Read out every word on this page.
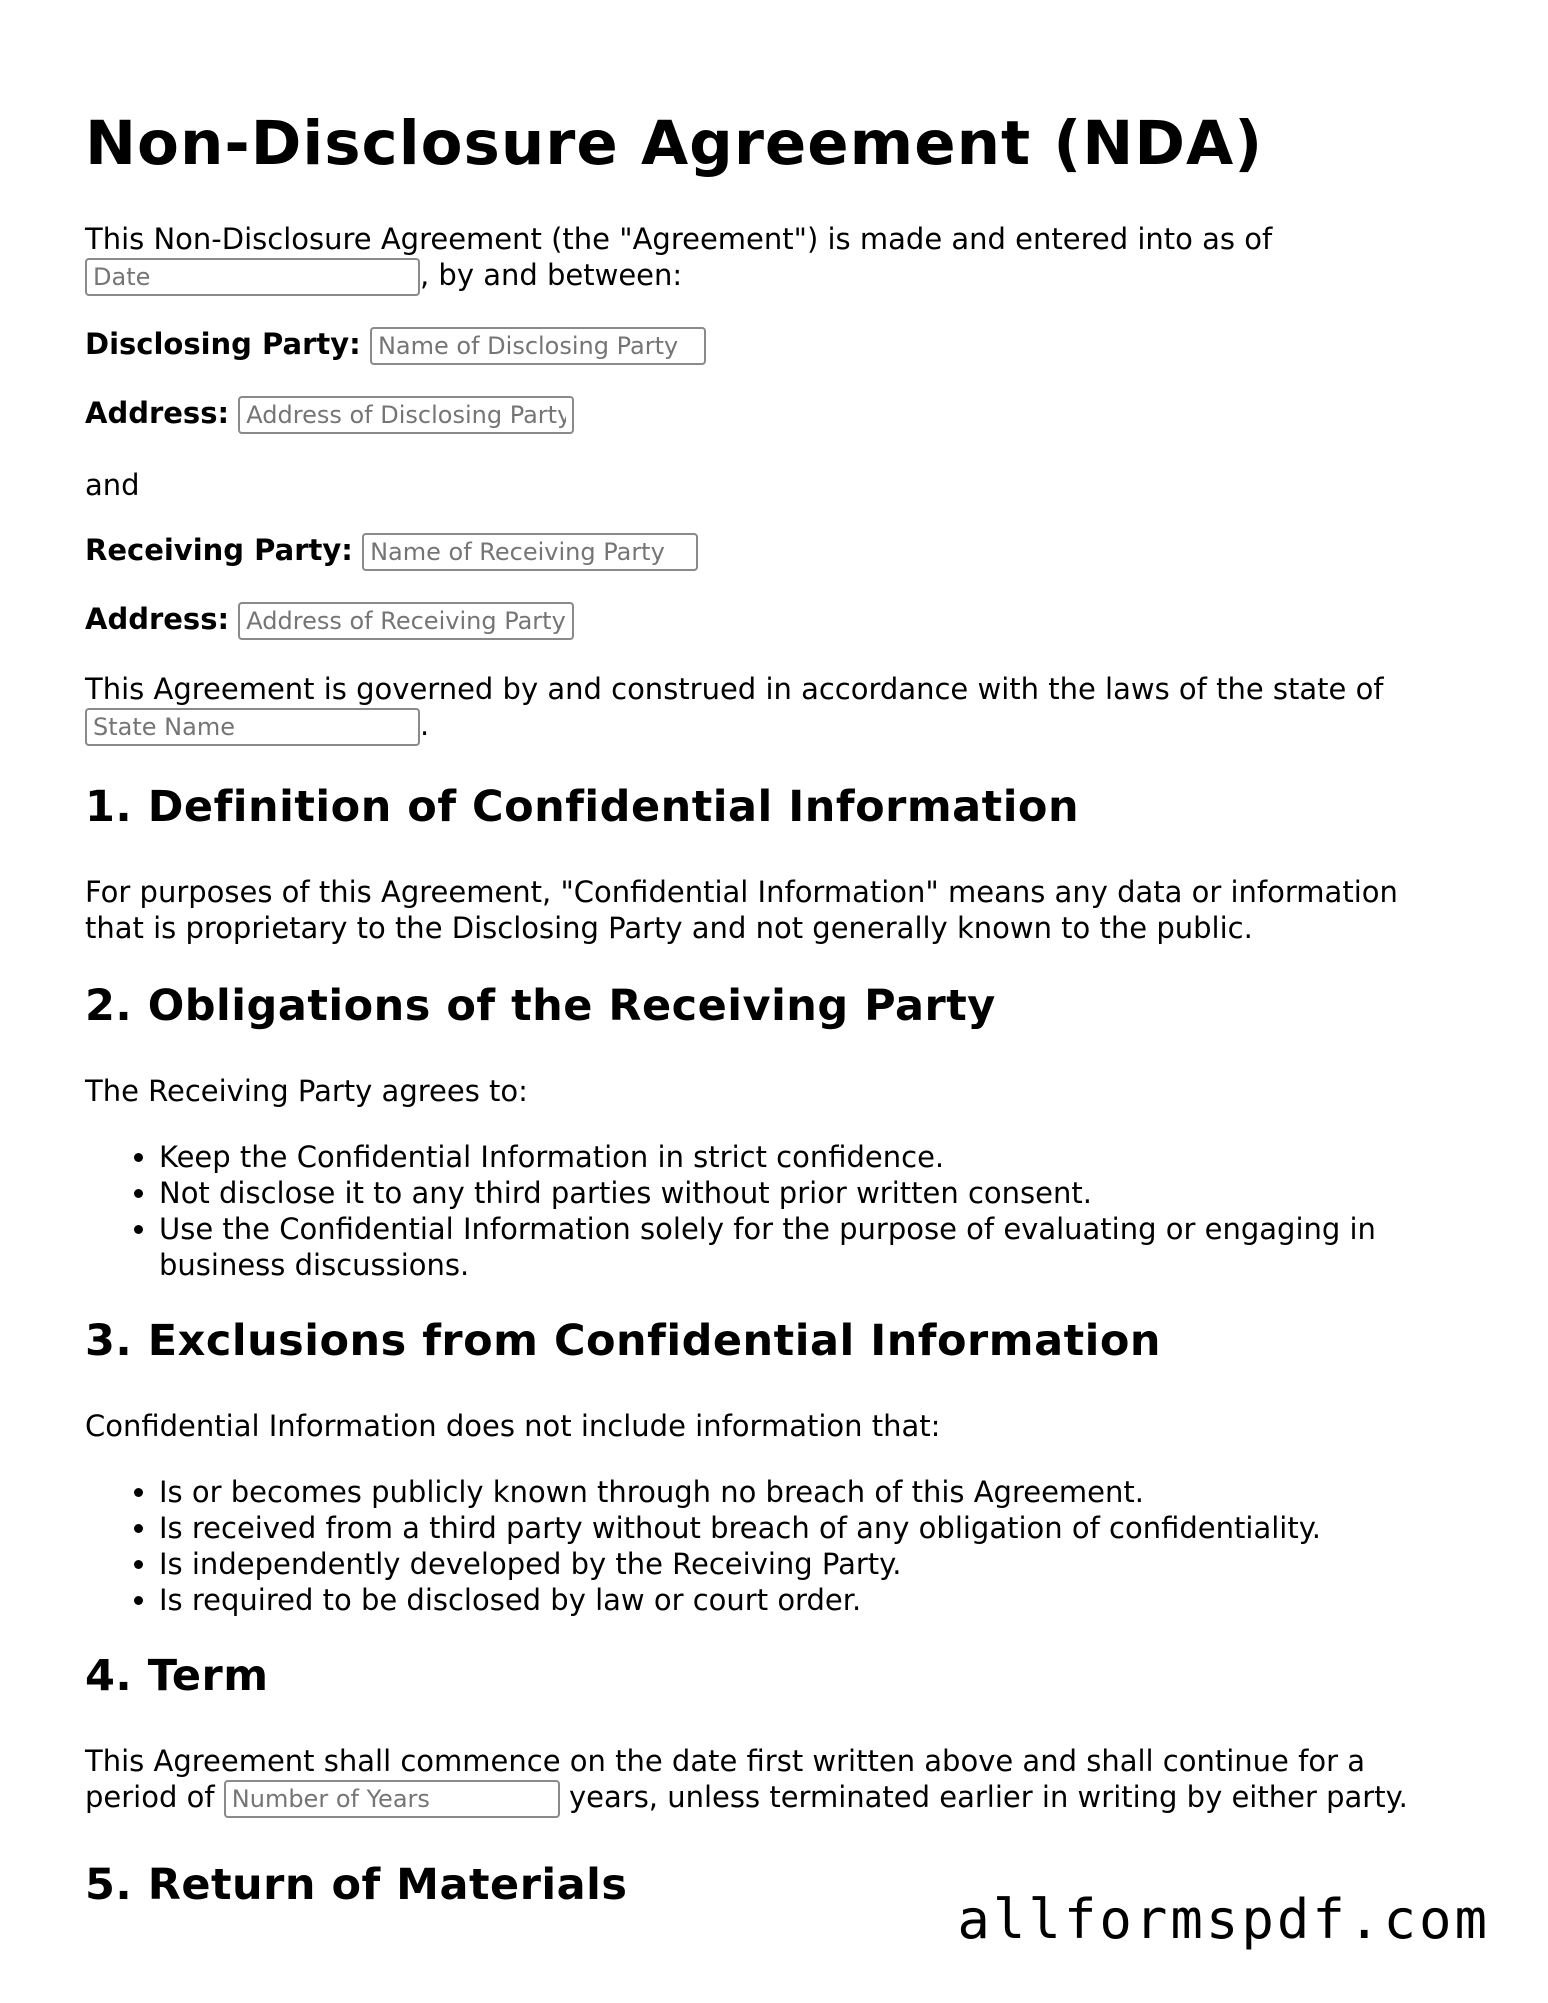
Non-Disclosure Agreement (NDA)
This Non-Disclosure Agreement (the "Agreement") is made and entered into as of
Date, by and between:
Disclosing Party: Name of Disclosing Party
Address: Address of Disclosing Party
and
Receiving Party: Name of Receiving Party
Address: Address of Receiving Party
This Agreement is governed by and construed in accordance with the laws of the state of
State Name.
1. Definition of Confidential Information
For purposes of this Agreement, "Confidential Information" means any data or information
that is proprietary to the Disclosing Party and not generally known to the public.
2. Obligations of the Receiving Party
The Receiving Party agrees to:
• Keep the Confidential Information in strict confidence.
• Not disclose it to any third parties without prior written consent.
• Use the Confidential Information solely for the purpose of evaluating or engaging in
business discussions.
3. Exclusions from Confidential Information
Confidential Information does not include information that:
• Is or becomes publicly known through no breach of this Agreement.
• Is received from a third party without breach of any obligation of confidentiality.
• Is independently developed by the Receiving Party.
• Is required to be disclosed by law or court order.
4. Term
This Agreement shall commence on the date first written above and shall continue for a
period of Number of Years	years, unless terminated earlier in writing by either party.
5. Return of Materials
allformspdf.com
